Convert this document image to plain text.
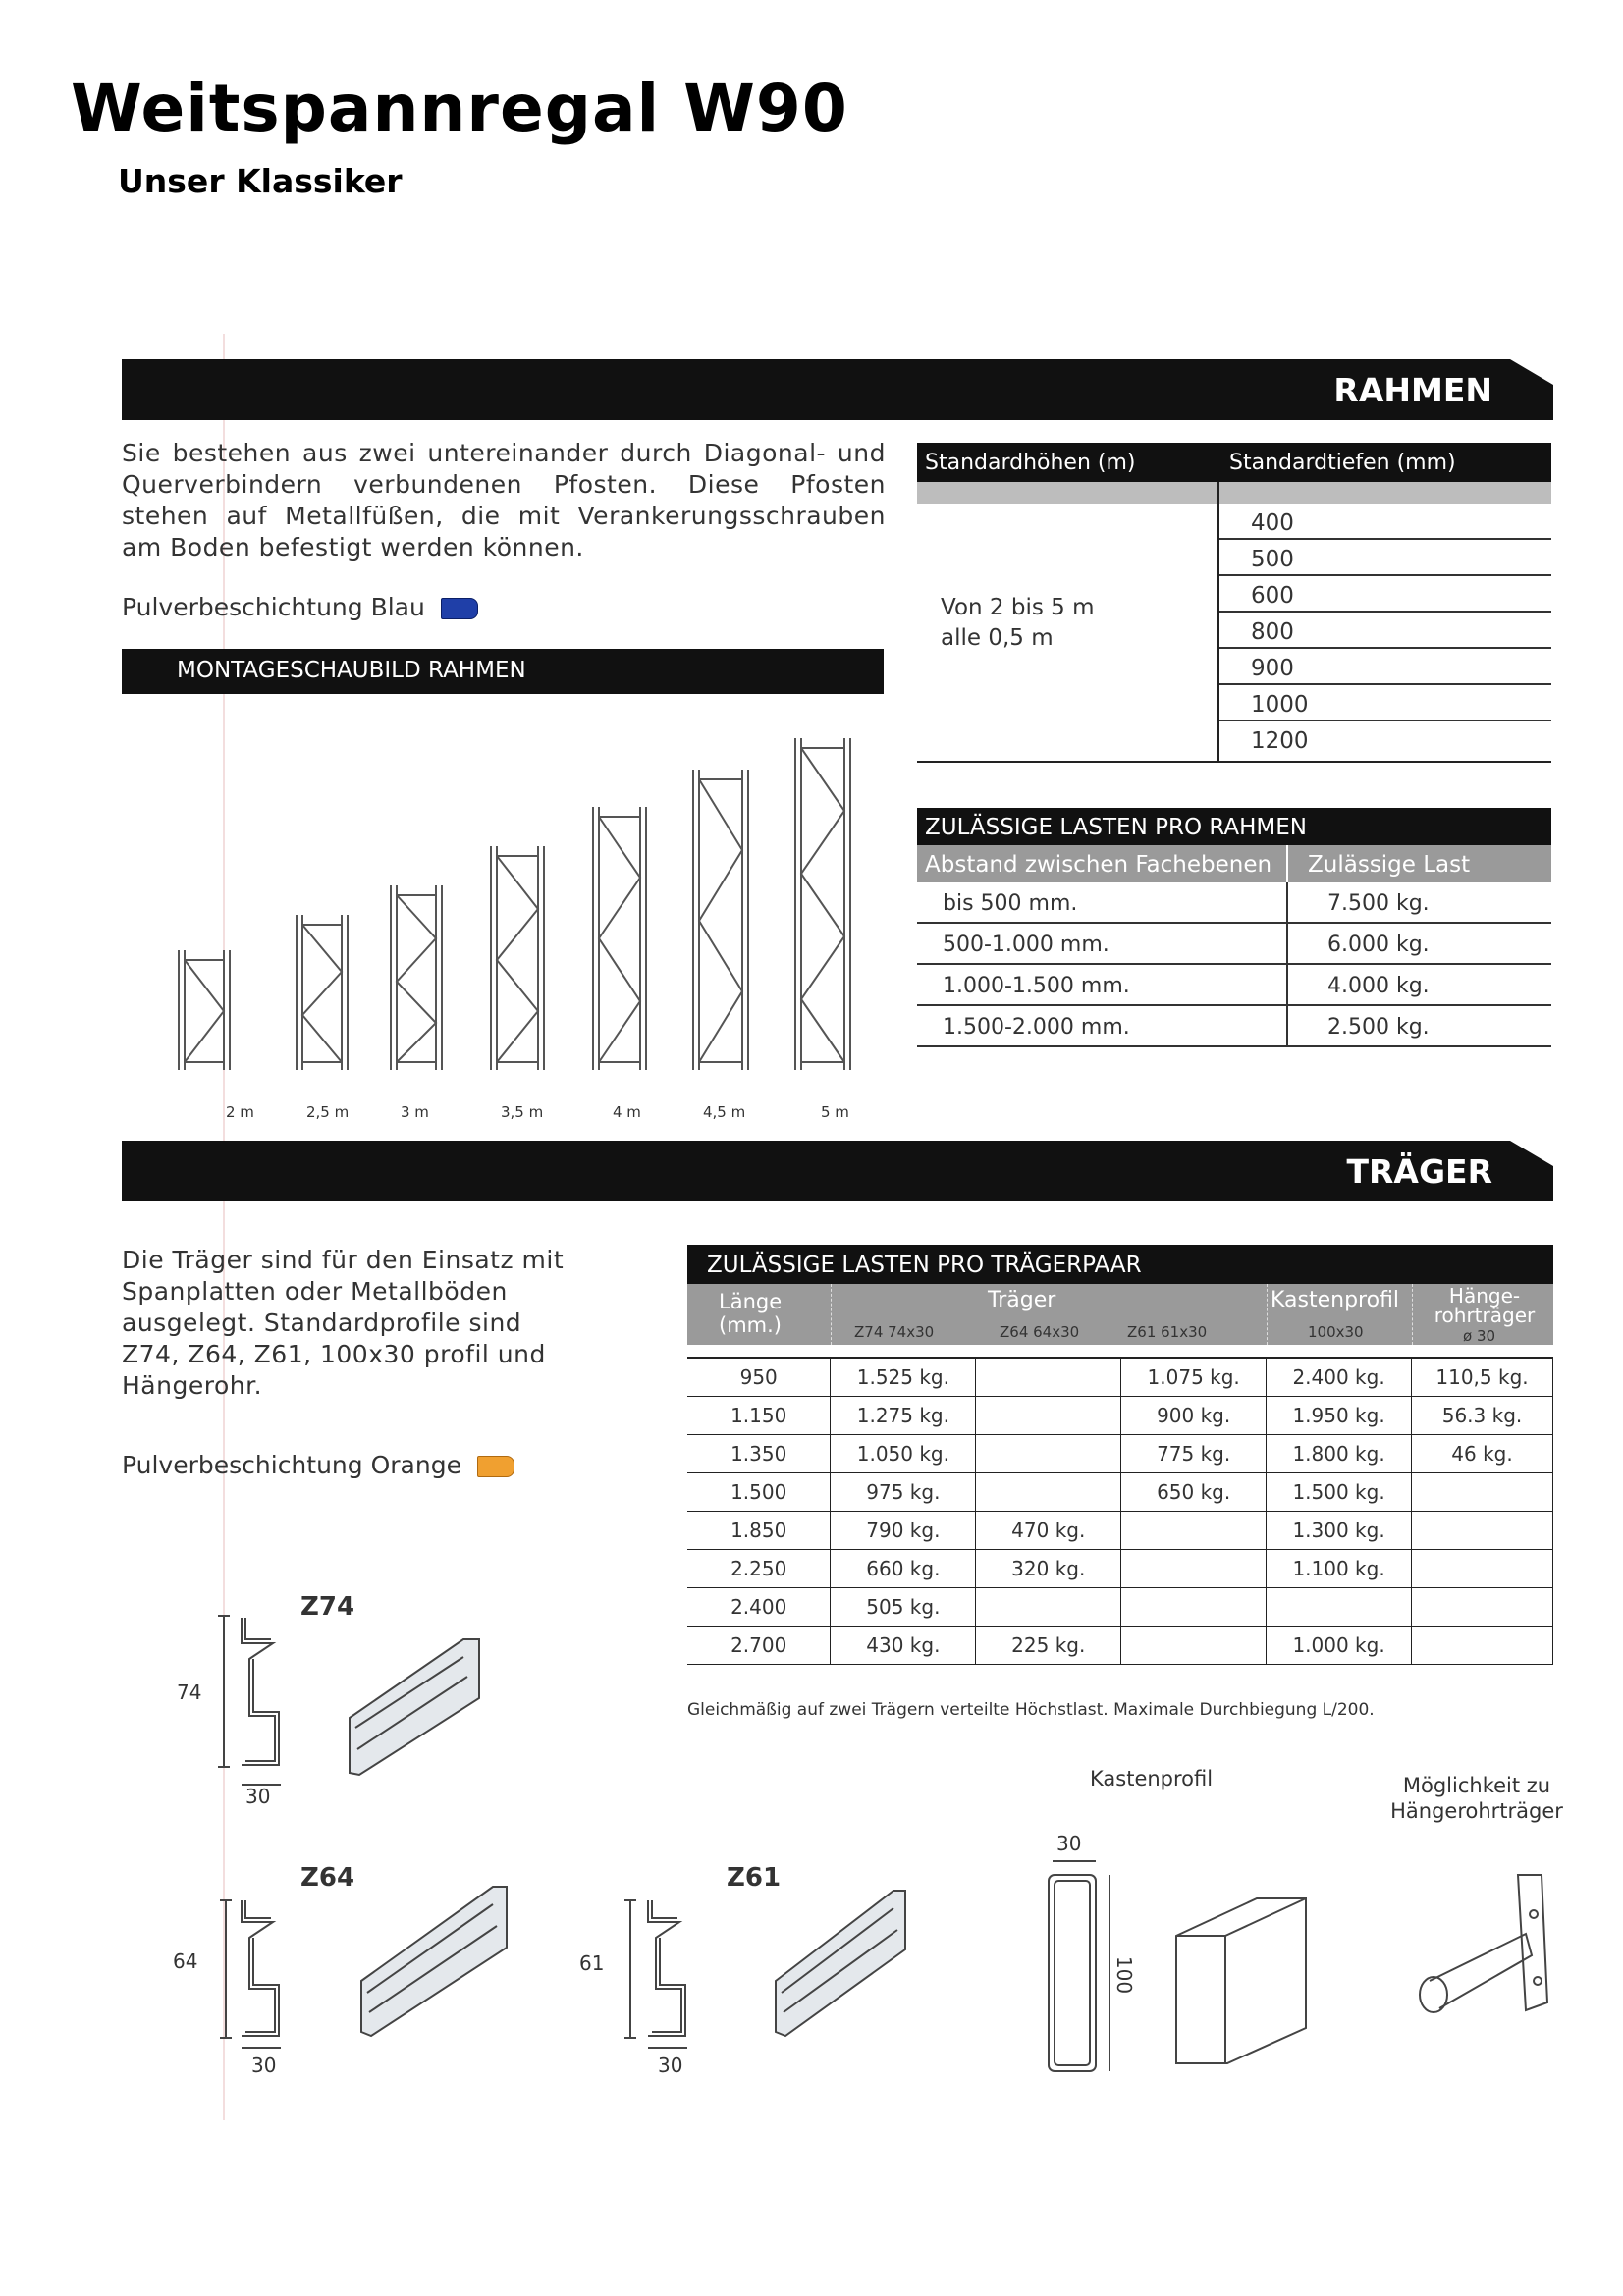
Weitspannregal W90
Unser Klassiker
RAHMEN
Sie bestehen aus zwei untereinander durch Diagonal- und Querverbindern verbundenen Pfosten. Diese Pfosten stehen auf Metallfüßen, die mit Verankerungsschrauben am Boden befestigt werden können.
Pulverbeschichtung Blau
MONTAGESCHAUBILD RAHMEN
2 m	2,5 m	3 m	3,5 m	4 m	4,5 m	5 m
Standardhöhen (m)	Standardtiefen (mm)
Von 2 bis 5 m
alle 0,5 m
400
500
600
800
900
1000
1200
ZULÄSSIGE LASTEN PRO RAHMEN
Abstand zwischen Fachebenen Zulässige Last
bis 500 mm.	7.500 kg.
500-1.000 mm.	6.000 kg.
1.000-1.500 mm.	4.000 kg.
1.500-2.000 mm.	2.500 kg.
TRÄGER
Die Träger sind für den Einsatz mit Spanplatten oder Metallböden ausgelegt. Standardprofile sind Z74, Z64, Z61, 100x30 profil und Hängerohr.
Pulverbeschichtung Orange
ZULÄSSIGE LASTEN PRO TRÄGERPAAR
Länge (mm.)
Träger
Z74 74x30	Z64 64x30	Z61 61x30
Kastenprofil
100x30
Hänge-rohrträger
ø 30
950	1.525 kg.		1.075 kg.	2.400 kg.	110,5 kg.
1.150	1.275 kg.		900 kg.	1.950 kg.	56.3 kg.
1.350	1.050 kg.		775 kg.	1.800 kg.	46 kg.
1.500	975 kg.		650 kg.	1.500 kg.	
1.850	790 kg.	470 kg.		1.300 kg.	
2.250	660 kg.	320 kg.		1.100 kg.	
2.400	505 kg.				
2.700	430 kg.	225 kg.		1.000 kg.	
Gleichmäßig auf zwei Trägern verteilte Höchstlast. Maximale Durchbiegung L/200.
Z74
74
30
Z64
64
30
Z61
61
30
Kastenprofil
30
100
Möglichkeit zu Hängerohrträger
